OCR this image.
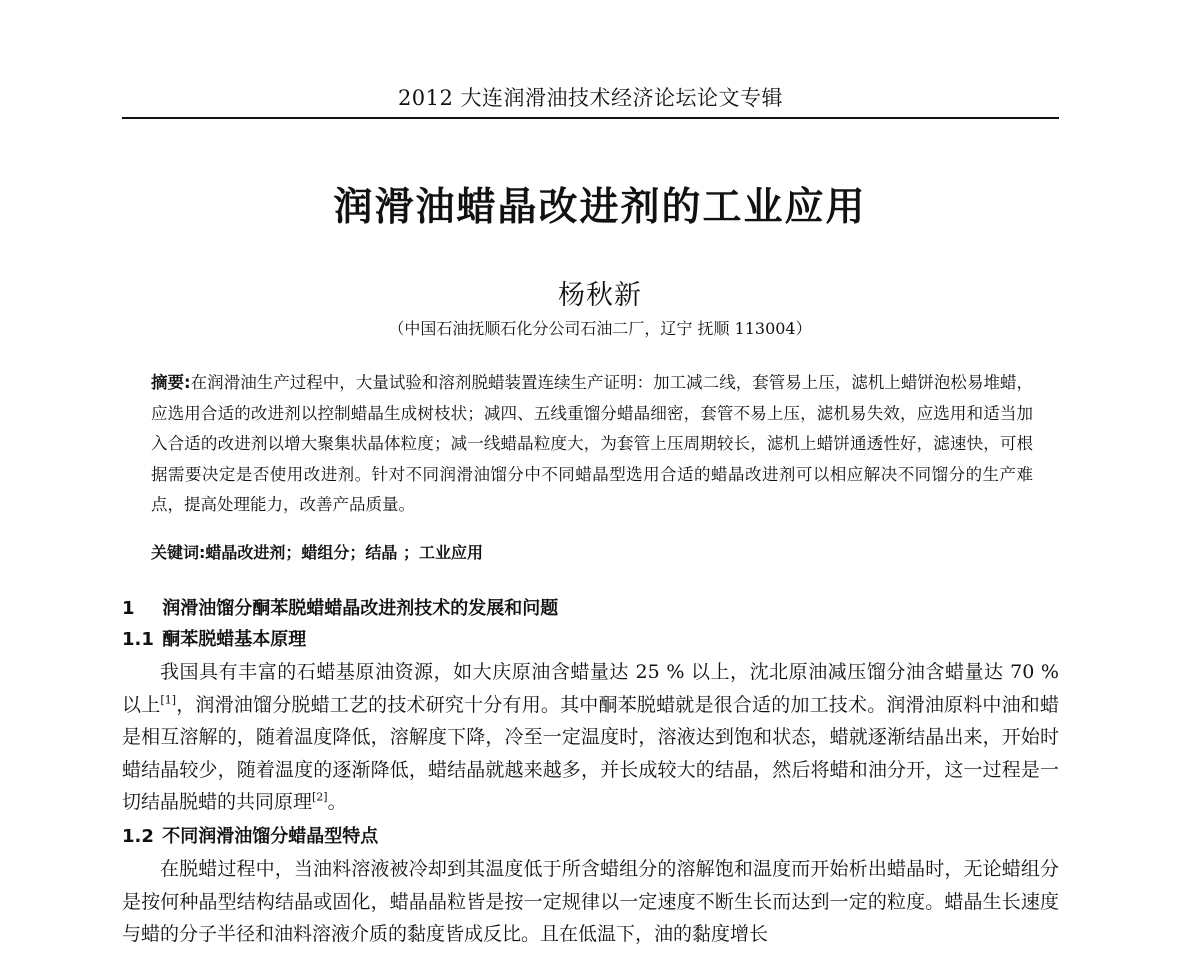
2012 大连润滑油技术经济论坛论文专辑
润滑油蜡晶改进剂的工业应用
杨秋新
（中国石油抚顺石化分公司石油二厂，辽宁 抚顺 113004）
摘要:在润滑油生产过程中，大量试验和溶剂脱蜡装置连续生产证明：加工减二线，套管易上压，滤机上蜡饼泡松易堆蜡，应选用合适的改进剂以控制蜡晶生成树枝状；减四、五线重馏分蜡晶细密，套管不易上压，滤机易失效，应选用和适当加入合适的改进剂以增大聚集状晶体粒度；减一线蜡晶粒度大，为套管上压周期较长，滤机上蜡饼通透性好，滤速快，可根据需要决定是否使用改进剂。针对不同润滑油馏分中不同蜡晶型选用合适的蜡晶改进剂可以相应解决不同馏分的生产难点，提高处理能力，改善产品质量。
关键词:蜡晶改进剂；蜡组分；结晶 ；工业应用
1 润滑油馏分酮苯脱蜡蜡晶改进剂技术的发展和问题
1.1 酮苯脱蜡基本原理
我国具有丰富的石蜡基原油资源，如大庆原油含蜡量达 25 % 以上，沈北原油减压馏分油含蜡量达 70 % 以上[1]，润滑油馏分脱蜡工艺的技术研究十分有用。其中酮苯脱蜡就是很合适的加工技术。润滑油原料中油和蜡是相互溶解的，随着温度降低，溶解度下降，冷至一定温度时，溶液达到饱和状态，蜡就逐渐结晶出来，开始时蜡结晶较少，随着温度的逐渐降低，蜡结晶就越来越多，并长成较大的结晶，然后将蜡和油分开，这一过程是一切结晶脱蜡的共同原理[2]。
1.2 不同润滑油馏分蜡晶型特点
在脱蜡过程中，当油料溶液被冷却到其温度低于所含蜡组分的溶解饱和温度而开始析出蜡晶时，无论蜡组分是按何种晶型结构结晶或固化，蜡晶晶粒皆是按一定规律以一定速度不断生长而达到一定的粒度。蜡晶生长速度与蜡的分子半径和油料溶液介质的黏度皆成反比。且在低温下，油的黏度增长
